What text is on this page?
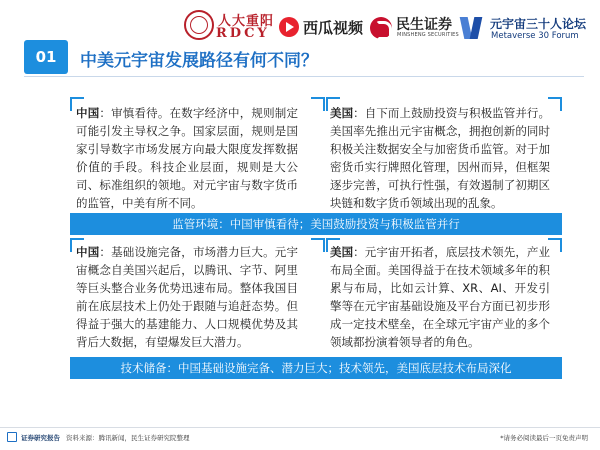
人大重阳
RDCY 西瓜视频 民生证券
MINSHENG SECURITIES
元宇宙三十人论坛
Metaverse 30 Forum
01	中美元宇宙发展路径有何不同？
中国：审慎看待。在数字经济中，规则制定可能引发主导权之争。国家层面，规则是国家引导数字市场发展方向最大限度发挥数据价值的手段。科技企业层面，规则是大公司、标准组织的领地。对元宇宙与数字货币的监管，中美有所不同。
美国：自下而上鼓励投资与积极监管并行。美国率先推出元宇宙概念，拥抱创新的同时积极关注数据安全与加密货币监管。对于加密货币实行牌照化管理，因州而异，但框架逐步完善，可执行性强，有效遏制了初期区块链和数字货币领域出现的乱象。
监管环境：中国审慎看待；美国鼓励投资与积极监管并行
中国：基础设施完备，市场潜力巨大。元宇宙概念自美国兴起后，以腾讯、字节、阿里等巨头整合业务优势迅速布局。整体我国目前在底层技术上仍处于跟随与追赶态势。但得益于强大的基建能力、人口规模优势及其背后大数据，有望爆发巨大潜力。
美国：元宇宙开拓者，底层技术领先，产业布局全面。美国得益于在技术领域多年的积累与布局，比如云计算、XR、AI、开发引擎等在元宇宙基础设施及平台方面已初步形成一定技术壁垒，在全球元宇宙产业的多个领域都扮演着领导者的角色。
技术储备：中国基础设施完备、潜力巨大；技术领先，美国底层技术布局深化
证券研究报告 资料来源：腾讯新闻，民生证券研究院整理	*请务必阅读最后一页免责声明
